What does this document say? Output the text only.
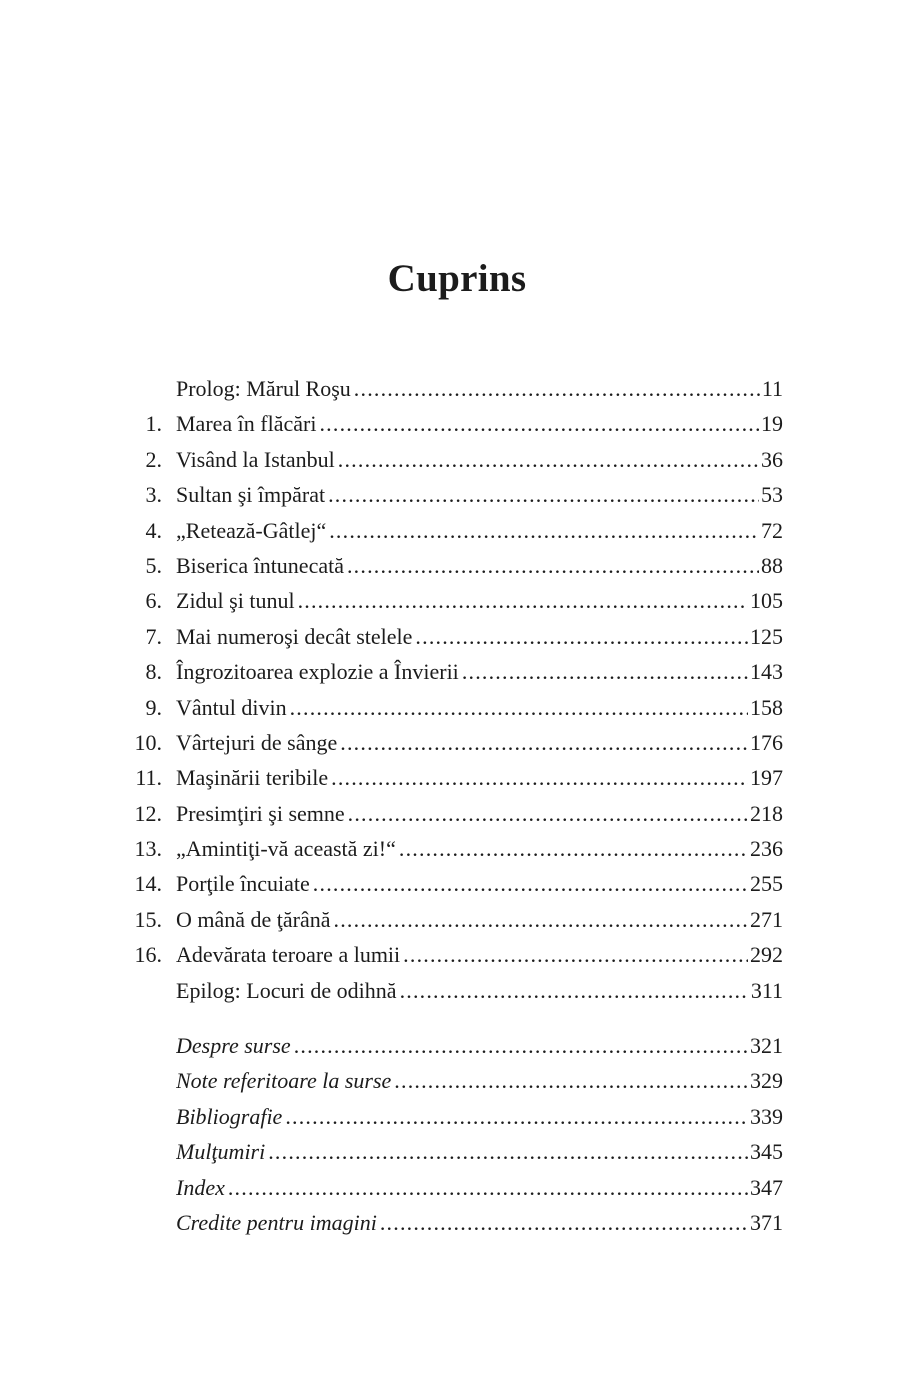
Cuprins
Prolog: Mărul Roşu .....	11
1. Marea în flăcări .....	19
2. Visând la Istanbul .....	36
3. Sultan şi împărat .....	53
4. „Retează-Gâtlej“ .....	72
5. Biserica întunecată .....	88
6. Zidul şi tunul .....	105
7. Mai numeroşi decât stelele .....	125
8. Îngrozitoarea explozie a Învierii .....	143
9. Vântul divin .....	158
10. Vârtejuri de sânge .....	176
11. Maşinării teribile .....	197
12. Presimţiri şi semne .....	218
13. „Amintiţi-vă această zi!“ .....	236
14. Porţile încuiate .....	255
15. O mână de ţărână .....	271
16. Adevărata teroare a lumii .....	292
Epilog: Locuri de odihnă .....	311
Despre surse .....	321
Note referitoare la surse .....	329
Bibliografie .....	339
Mulţumiri .....	345
Index .....	347
Credite pentru imagini .....	371
